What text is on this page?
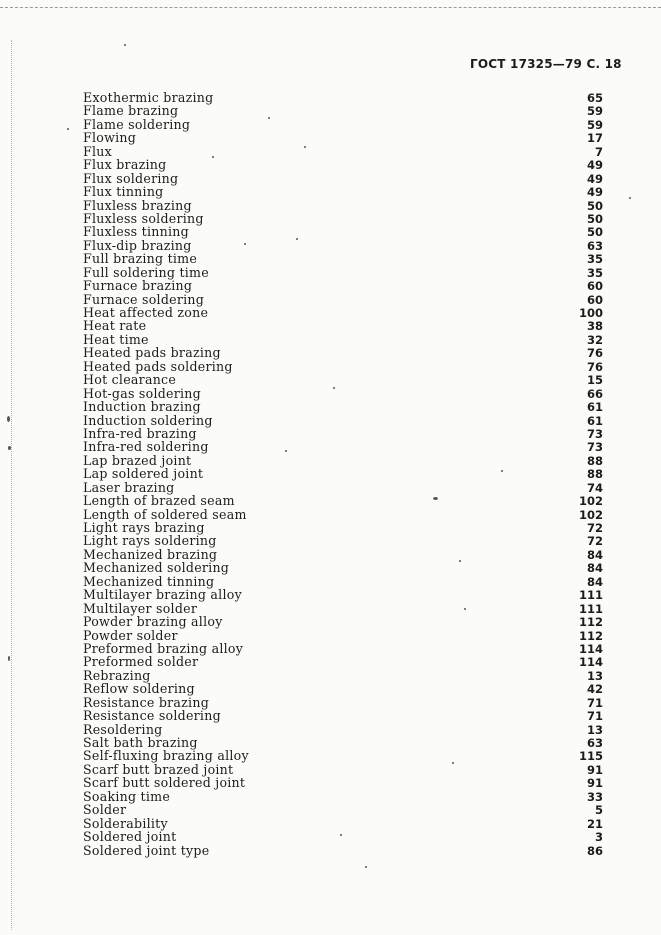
ГОСТ 17325—79 С. 18
Exothermic brazing	65
Flame brazing	59
Flame soldering	59
Flowing	17
Flux	7
Flux brazing	49
Flux soldering	49
Flux tinning	49
Fluxless brazing	50
Fluxless soldering	50
Fluxless tinning	50
Flux-dip brazing	63
Full brazing time	35
Full soldering time	35
Furnace brazing	60
Furnace soldering	60
Heat affected zone	100
Heat rate	38
Heat time	32
Heated pads brazing	76
Heated pads soldering	76
Hot clearance	15
Hot-gas soldering	66
Induction brazing	61
Induction soldering	61
Infra-red brazing	73
Infra-red soldering	73
Lap brazed joint	88
Lap soldered joint	88
Laser brazing	74
Length of brazed seam	102
Length of soldered seam	102
Light rays brazing	72
Light rays soldering	72
Mechanized brazing	84
Mechanized soldering	84
Mechanized tinning	84
Multilayer brazing alloy	111
Multilayer solder	111
Powder brazing alloy	112
Powder solder	112
Preformed brazing alloy	114
Preformed solder	114
Rebrazing	13
Reflow soldering	42
Resistance brazing	71
Resistance soldering	71
Resoldering	13
Salt bath brazing	63
Self-fluxing brazing alloy	115
Scarf butt brazed joint	91
Scarf butt soldered joint	91
Soaking time	33
Solder	5
Solderability	21
Soldered joint	3
Soldered joint type	86
